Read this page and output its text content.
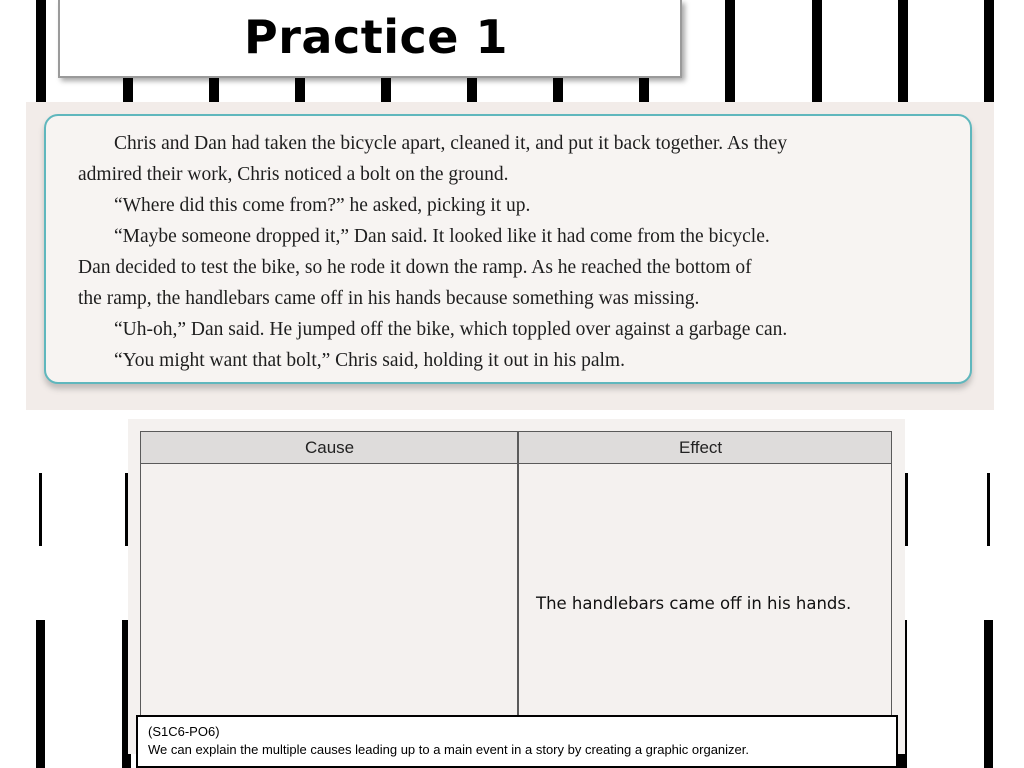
Practice 1
Chris and Dan had taken the bicycle apart, cleaned it, and put it back together. As they
admired their work, Chris noticed a bolt on the ground.
“Where did this come from?” he asked, picking it up.
“Maybe someone dropped it,” Dan said. It looked like it had come from the bicycle.
Dan decided to test the bike, so he rode it down the ramp. As he reached the bottom of
the ramp, the handlebars came off in his hands because something was missing.
“Uh-oh,” Dan said. He jumped off the bike, which toppled over against a garbage can.
“You might want that bolt,” Chris said, holding it out in his palm.
Cause	Effect
The handlebars came off in his hands.
(S1C6-PO6)
We can explain the multiple causes leading up to a main event in a story by creating a graphic organizer.
